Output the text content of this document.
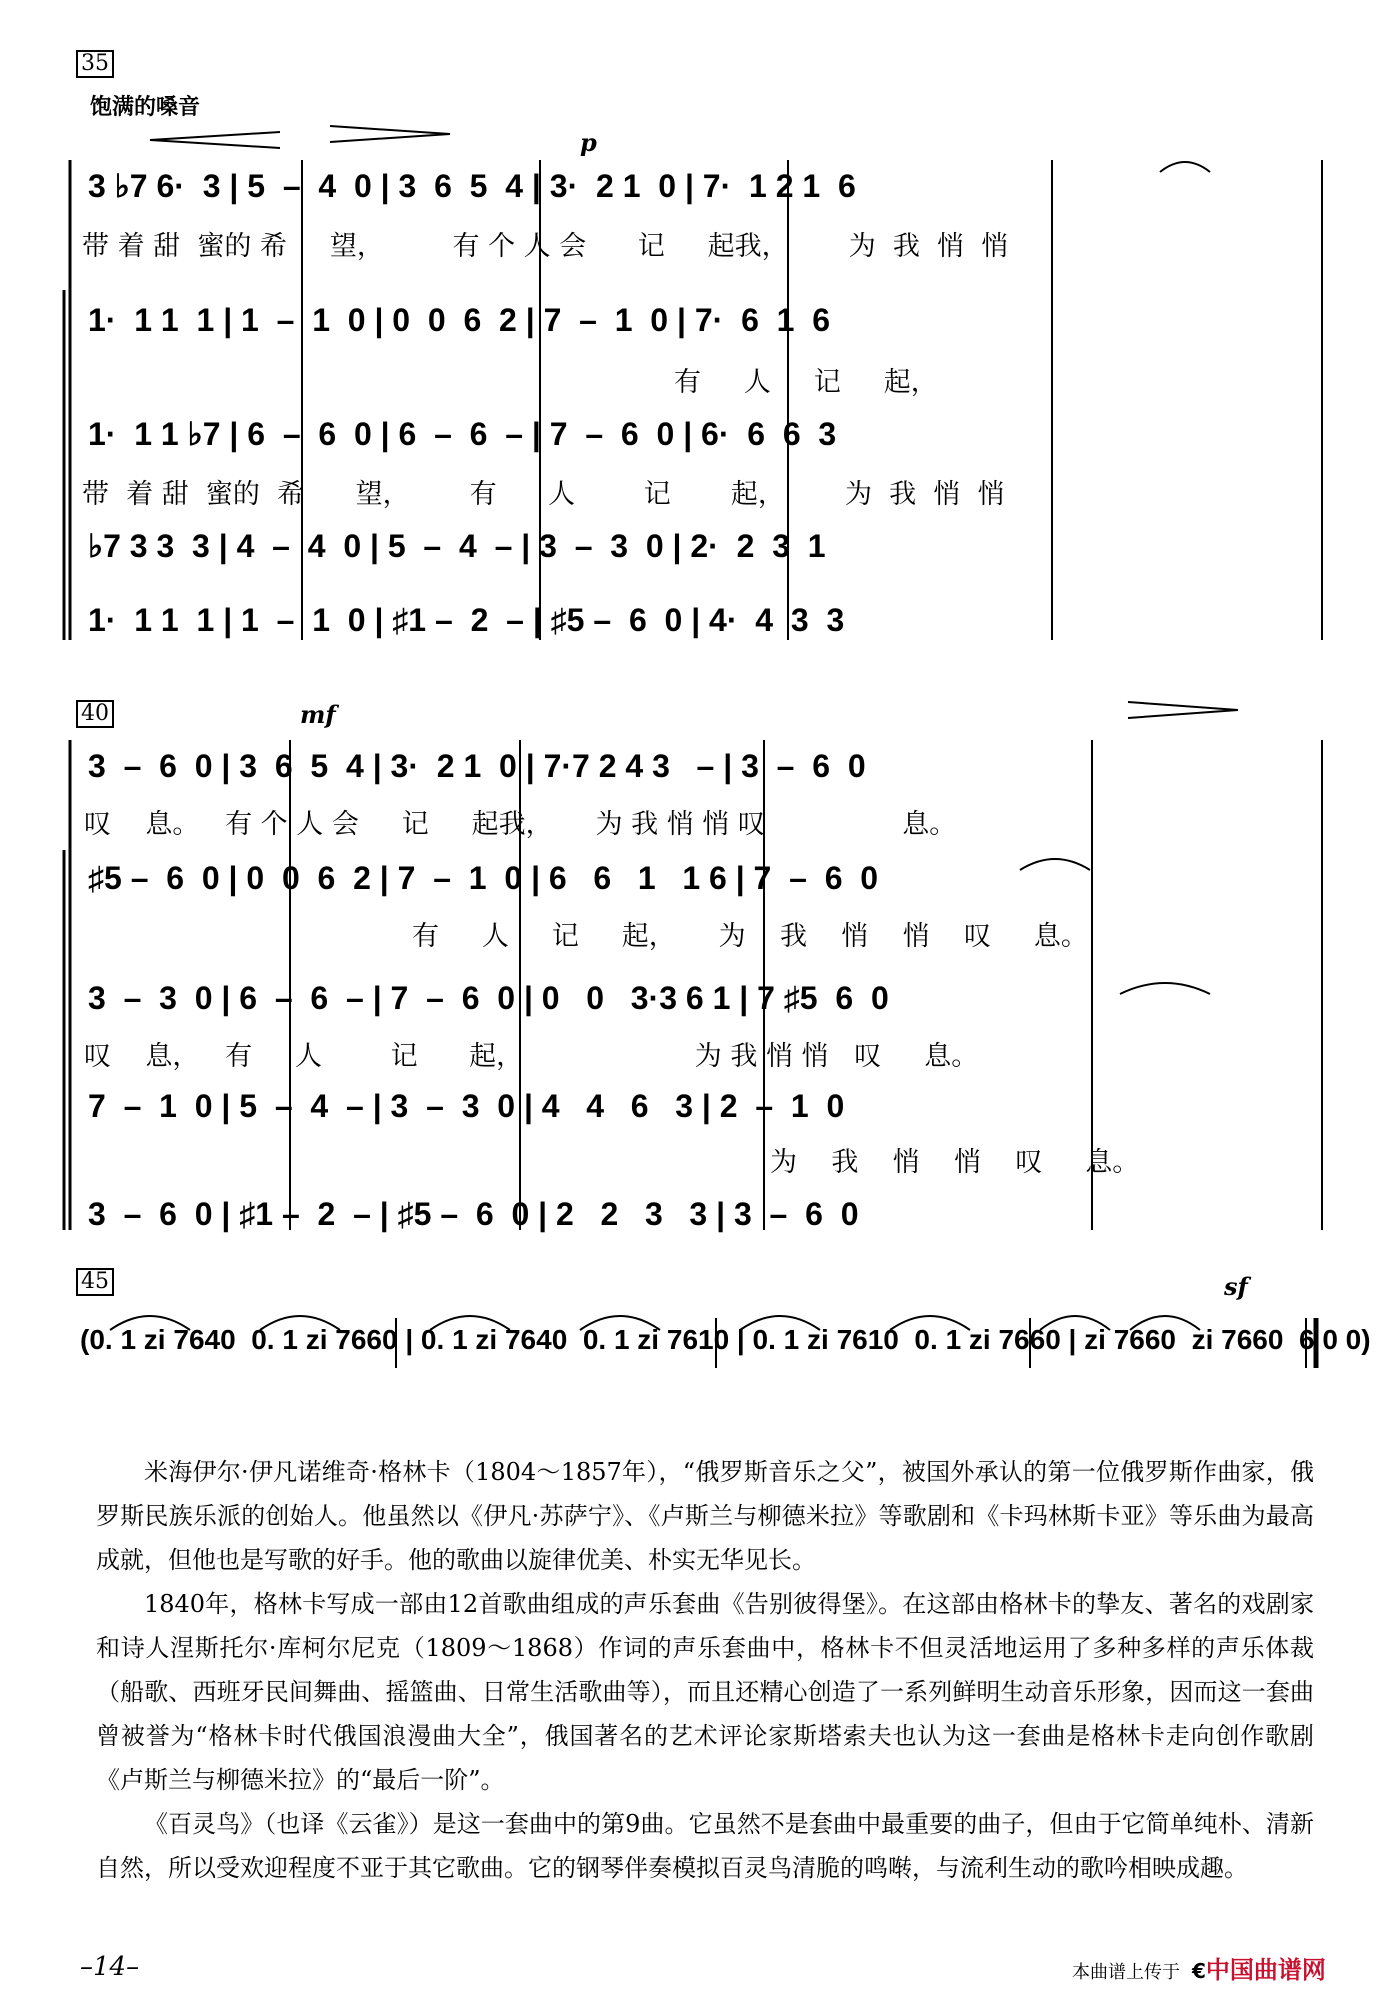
35
饱满的嗓音
p
3 ♭7 6·  3 | 5  –  4  0 | 3  6  5  4 | 3·  2 1  0 | 7·  1 2 1  6
带 着 甜  蜜的 希     望，        有 个 人 会      记     起我，       为  我  悄  悄
1·  1 1  1 | 1  –  1  0 | 0  0  6  2 | 7  –  1  0 | 7·  6  1  6
有     人     记     起，
1·  1 1 ♭7 | 6  –  6  0 | 6  –  6  – | 7  –  6  0 | 6·  6  6  3
带  着 甜  蜜的  希      望，       有      人        记       起，       为  我  悄  悄
♭7 3 3  3 | 4  –  4  0 | 5  –  4  – | 3  –  3  0 | 2·  2  3  1
1·  1 1  1 | 1  –  1  0 | ♯1 –  2  – | ♯5 –  6  0 | 4·  4  3  3
40	mf
3  –  6  0 | 3  6  5  4 | 3·  2 1  0 | 7·7 2 4 3   – | 3  –  6  0
叹    息。   有 个 人 会     记     起我，     为 我 悄 悄 叹                息。
♯5 –  6  0 | 0  0  6  2 | 7  –  1  0 | 6   6   1   1 6 | 7  –  6  0
有     人     记     起，     为    我    悄    悄    叹     息。
3  –  3  0 | 6  –  6  – | 7  –  6  0 | 0   0   3·3 6 1 | 7 ♯5  6  0
叹    息，   有     人        记      起，                    为 我 悄 悄   叹     息。
7  –  1  0 | 5  –  4  – | 3  –  3  0 | 4   4   6   3 | 2  –  1  0
为    我    悄    悄    叹     息。
3  –  6  0 | ♯1 –  2  – | ♯5 –  6  0 | 2   2   3   3 | 3  –  6  0
45	sf
(0. 1 zi 7640  0. 1 zi 7660 | 0. 1 zi 7640  0. 1 zi 7610 | 0. 1 zi 7610  0. 1 zi 7660 | zi 7660  zi 7660  6 0 0)

米海伊尔·伊凡诺维奇·格林卡（1804～1857年），“俄罗斯音乐之父”，被国外承认的第一位俄罗斯作曲家，俄罗斯民族乐派的创始人。他虽然以《伊凡·苏萨宁》、《卢斯兰与柳德米拉》等歌剧和《卡玛林斯卡亚》等乐曲为最高成就，但他也是写歌的好手。他的歌曲以旋律优美、朴实无华见长。

1840年，格林卡写成一部由12首歌曲组成的声乐套曲《告别彼得堡》。在这部由格林卡的挚友、著名的戏剧家和诗人涅斯托尔·库柯尔尼克（1809～1868）作词的声乐套曲中，格林卡不但灵活地运用了多种多样的声乐体裁（船歌、西班牙民间舞曲、摇篮曲、日常生活歌曲等），而且还精心创造了一系列鲜明生动音乐形象，因而这一套曲曾被誉为“格林卡时代俄国浪漫曲大全”，俄国著名的艺术评论家斯塔索夫也认为这一套曲是格林卡走向创作歌剧《卢斯兰与柳德米拉》的“最后一阶”。

《百灵鸟》（也译《云雀》）是这一套曲中的第9曲。它虽然不是套曲中最重要的曲子，但由于它简单纯朴、清新自然，所以受欢迎程度不亚于其它歌曲。它的钢琴伴奏模拟百灵鸟清脆的鸣啭，与流利生动的歌吟相映成趣。

–14–	本曲谱上传于 €中国曲谱网
